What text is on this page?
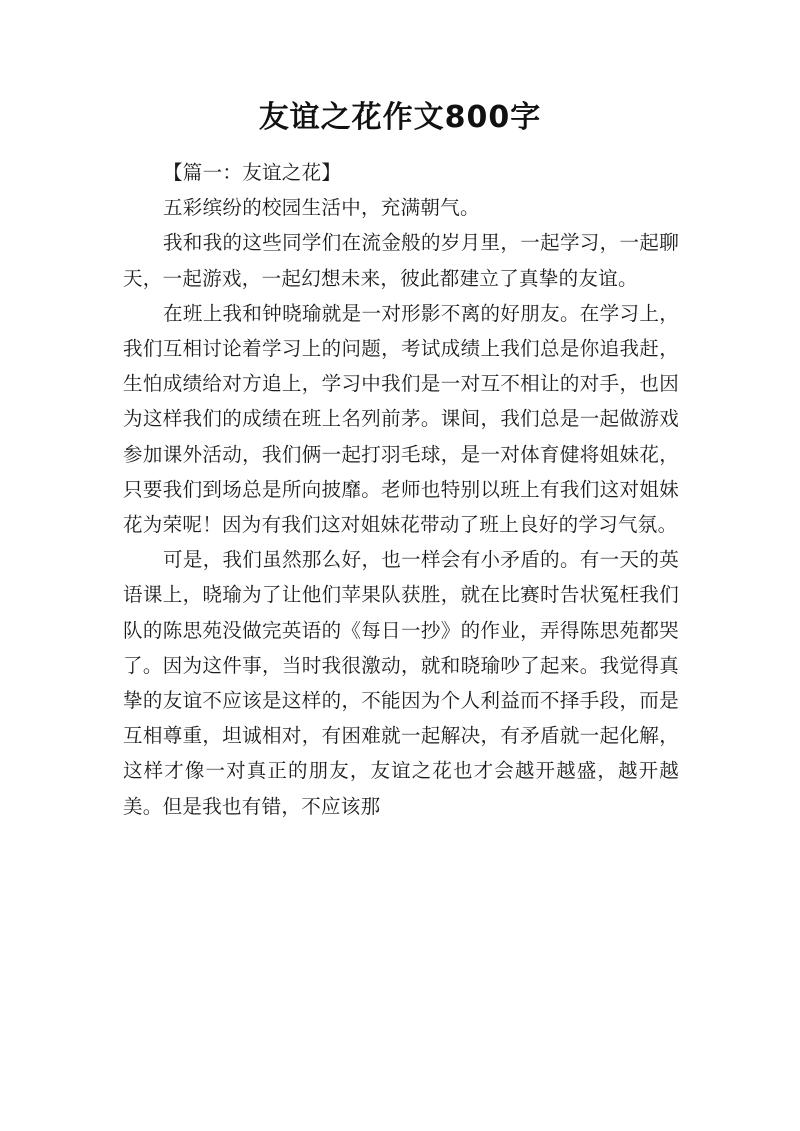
友谊之花作文800字

【篇一：友谊之花】

五彩缤纷的校园生活中，充满朝气。

我和我的这些同学们在流金般的岁月里，一起学习，一起聊天，一起游戏，一起幻想未来，彼此都建立了真挚的友谊。

在班上我和钟晓瑜就是一对形影不离的好朋友。在学习上，我们互相讨论着学习上的问题，考试成绩上我们总是你追我赶，生怕成绩给对方追上，学习中我们是一对互不相让的对手，也因为这样我们的成绩在班上名列前茅。课间，我们总是一起做游戏参加课外活动，我们俩一起打羽毛球，是一对体育健将姐妹花，只要我们到场总是所向披靡。老师也特别以班上有我们这对姐妹花为荣呢！因为有我们这对姐妹花带动了班上良好的学习气氛。

可是，我们虽然那么好，也一样会有小矛盾的。有一天的英语课上，晓瑜为了让他们苹果队获胜，就在比赛时告状冤枉我们队的陈思苑没做完英语的《每日一抄》的作业，弄得陈思苑都哭了。因为这件事，当时我很激动，就和晓瑜吵了起来。我觉得真挚的友谊不应该是这样的，不能因为个人利益而不择手段，而是互相尊重，坦诚相对，有困难就一起解决，有矛盾就一起化解，这样才像一对真正的朋友，友谊之花也才会越开越盛，越开越美。但是我也有错，不应该那
